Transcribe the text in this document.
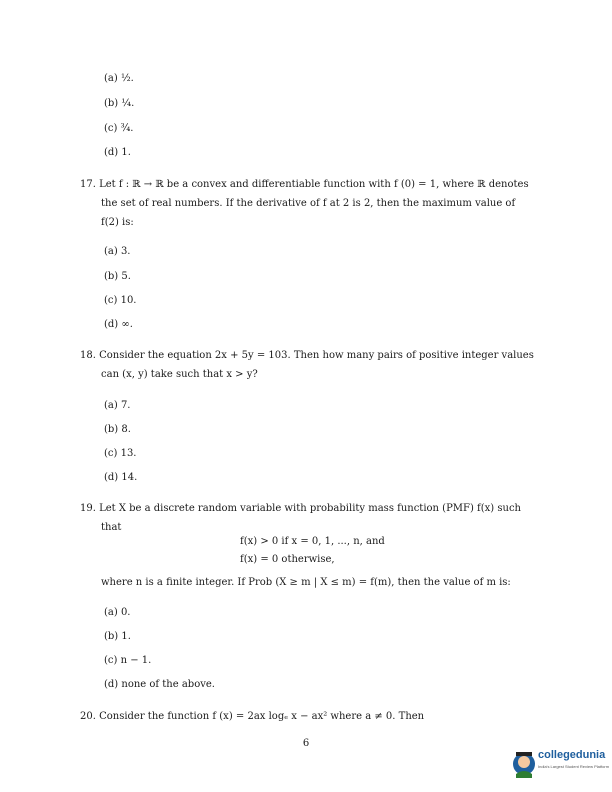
(a) ½.
(b) ¼.
(c) ¾.
(d) 1.
17. Let f : ℝ → ℝ be a convex and differentiable function with f (0) = 1, where ℝ denotes
the set of real numbers. If the derivative of f at 2 is 2, then the maximum value of
f(2) is:
(a) 3.
(b) 5.
(c) 10.
(d) ∞.
18. Consider the equation 2x + 5y = 103. Then how many pairs of positive integer values
can (x, y) take such that x > y?
(a) 7.
(b) 8.
(c) 13.
(d) 14.
19. Let X be a discrete random variable with probability mass function (PMF) f(x) such
that
f(x) > 0 if x = 0, 1, ..., n, and
f(x) = 0 otherwise,
where n is a finite integer. If Prob (X ≥ m | X ≤ m) = f(m), then the value of m is:
(a) 0.
(b) 1.
(c) n − 1.
(d) none of the above.
20. Consider the function f (x) = 2ax logₑ x − ax² where a ≠ 0. Then
6
collegedunia
India's Largest Student Review Platform
